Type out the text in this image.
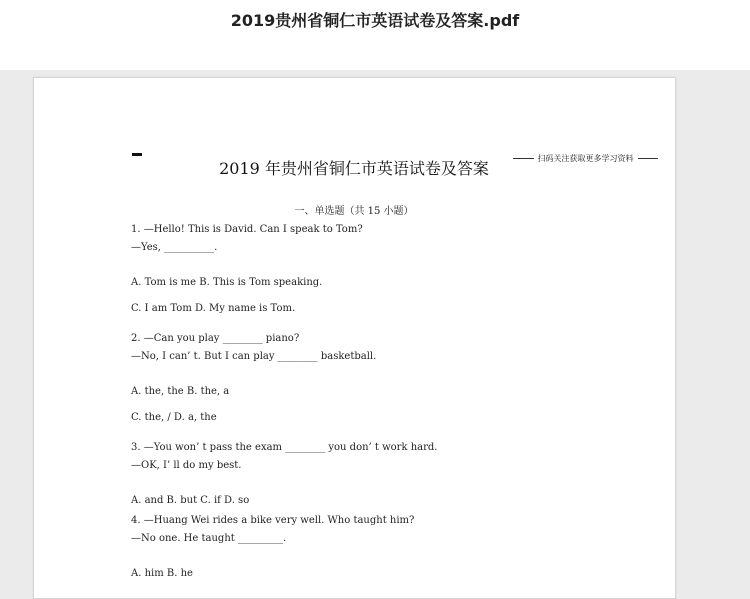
2019贵州省铜仁市英语试卷及答案.pdf
扫码关注获取更多学习资料
2019 年贵州省铜仁市英语试卷及答案
一、单选题（共 15 小题）
1. —Hello! This is David. Can I speak to Tom?
—Yes, __________.
A. Tom is me B. This is Tom speaking.
C. I am Tom D. My name is Tom.
2. —Can you play ________ piano?
—No, I can’ t. But I can play ________ basketball.
A. the, the B. the, a
C. the, / D. a, the
3. —You won’ t pass the exam ________ you don’ t work hard.
—OK, I’ ll do my best.
A. and B. but C. if D. so
4. —Huang Wei rides a bike very well. Who taught him?
—No one. He taught _________.
A. him B. he
